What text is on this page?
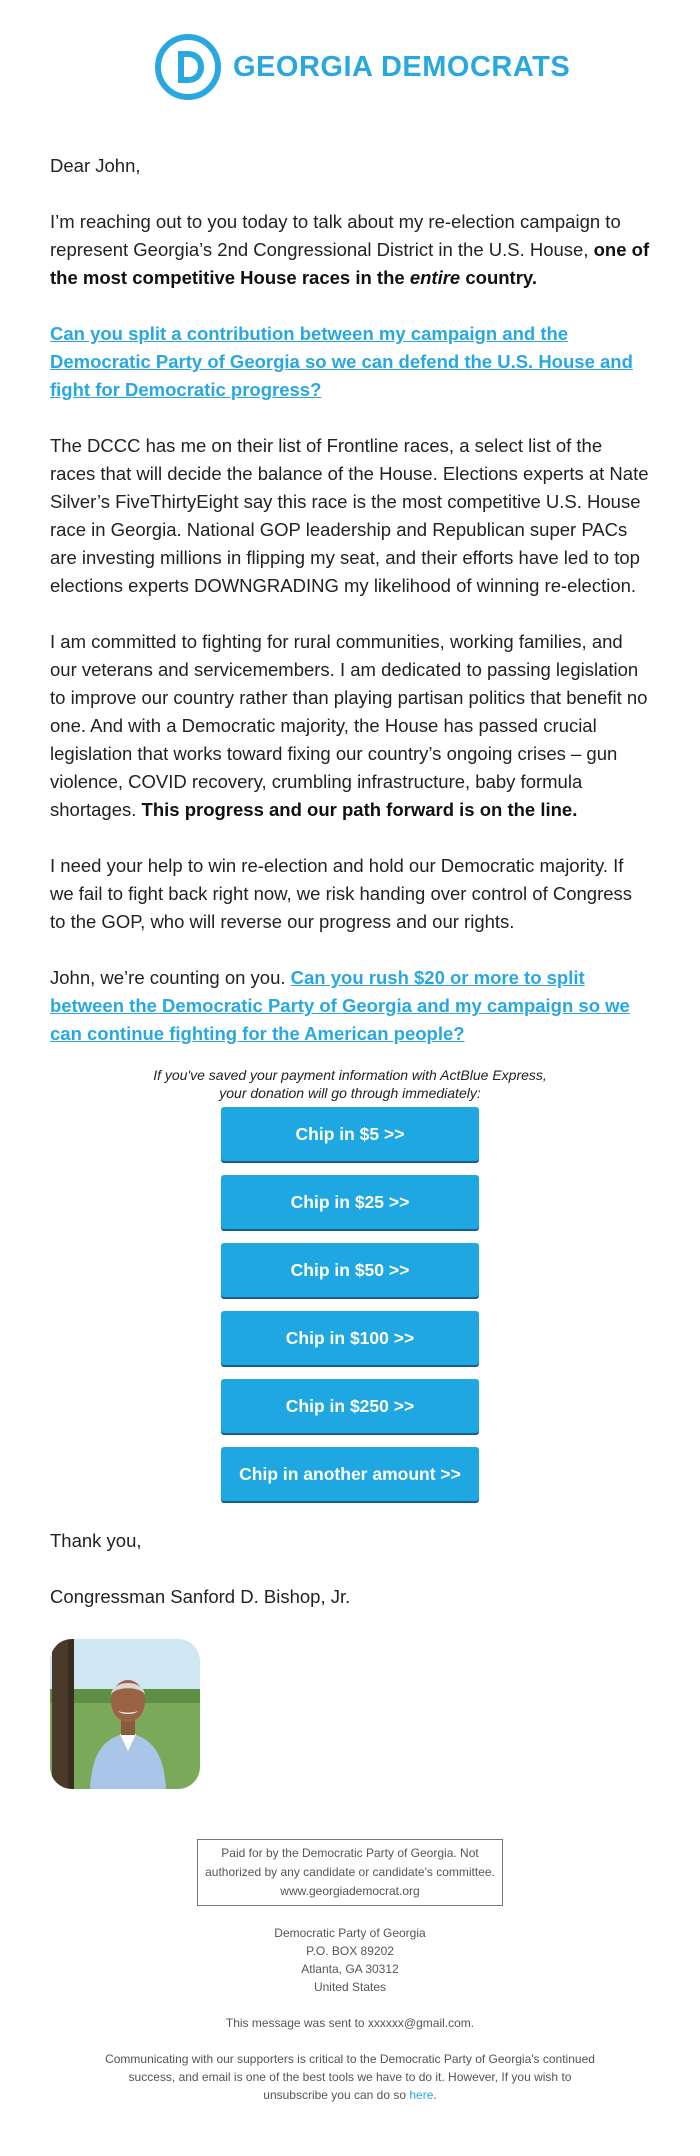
GEORGIA DEMOCRATS

Dear John,

I’m reaching out to you today to talk about my re-election campaign to represent Georgia’s 2nd Congressional District in the U.S. House, one of the most competitive House races in the entire country.

Can you split a contribution between my campaign and the Democratic Party of Georgia so we can defend the U.S. House and fight for Democratic progress?

The DCCC has me on their list of Frontline races, a select list of the races that will decide the balance of the House. Elections experts at Nate Silver’s FiveThirtyEight say this race is the most competitive U.S. House race in Georgia. National GOP leadership and Republican super PACs are investing millions in flipping my seat, and their efforts have led to top elections experts DOWNGRADING my likelihood of winning re-election.

I am committed to fighting for rural communities, working families, and our veterans and servicemembers. I am dedicated to passing legislation to improve our country rather than playing partisan politics that benefit no one. And with a Democratic majority, the House has passed crucial legislation that works toward fixing our country’s ongoing crises – gun violence, COVID recovery, crumbling infrastructure, baby formula shortages. This progress and our path forward is on the line.

I need your help to win re-election and hold our Democratic majority. If we fail to fight back right now, we risk handing over control of Congress to the GOP, who will reverse our progress and our rights.

John, we’re counting on you. Can you rush $20 or more to split between the Democratic Party of Georgia and my campaign so we can continue fighting for the American people?

If you've saved your payment information with ActBlue Express,
your donation will go through immediately:
Chip in $5 >>
Chip in $25 >>
Chip in $50 >>
Chip in $100 >>
Chip in $250 >>
Chip in another amount >>

Thank you,

Congressman Sanford D. Bishop, Jr.

Paid for by the Democratic Party of Georgia. Not
authorized by any candidate or candidate's committee.
www.georgiademocrat.org

Democratic Party of Georgia

P.O. BOX 89202

Atlanta, GA 30312

United States

This message was sent to xxxxxx@gmail.com.

Communicating with our supporters is critical to the Democratic Party of Georgia's continued success, and email is one of the best tools we have to do it. However, If you wish to unsubscribe you can do so here.
